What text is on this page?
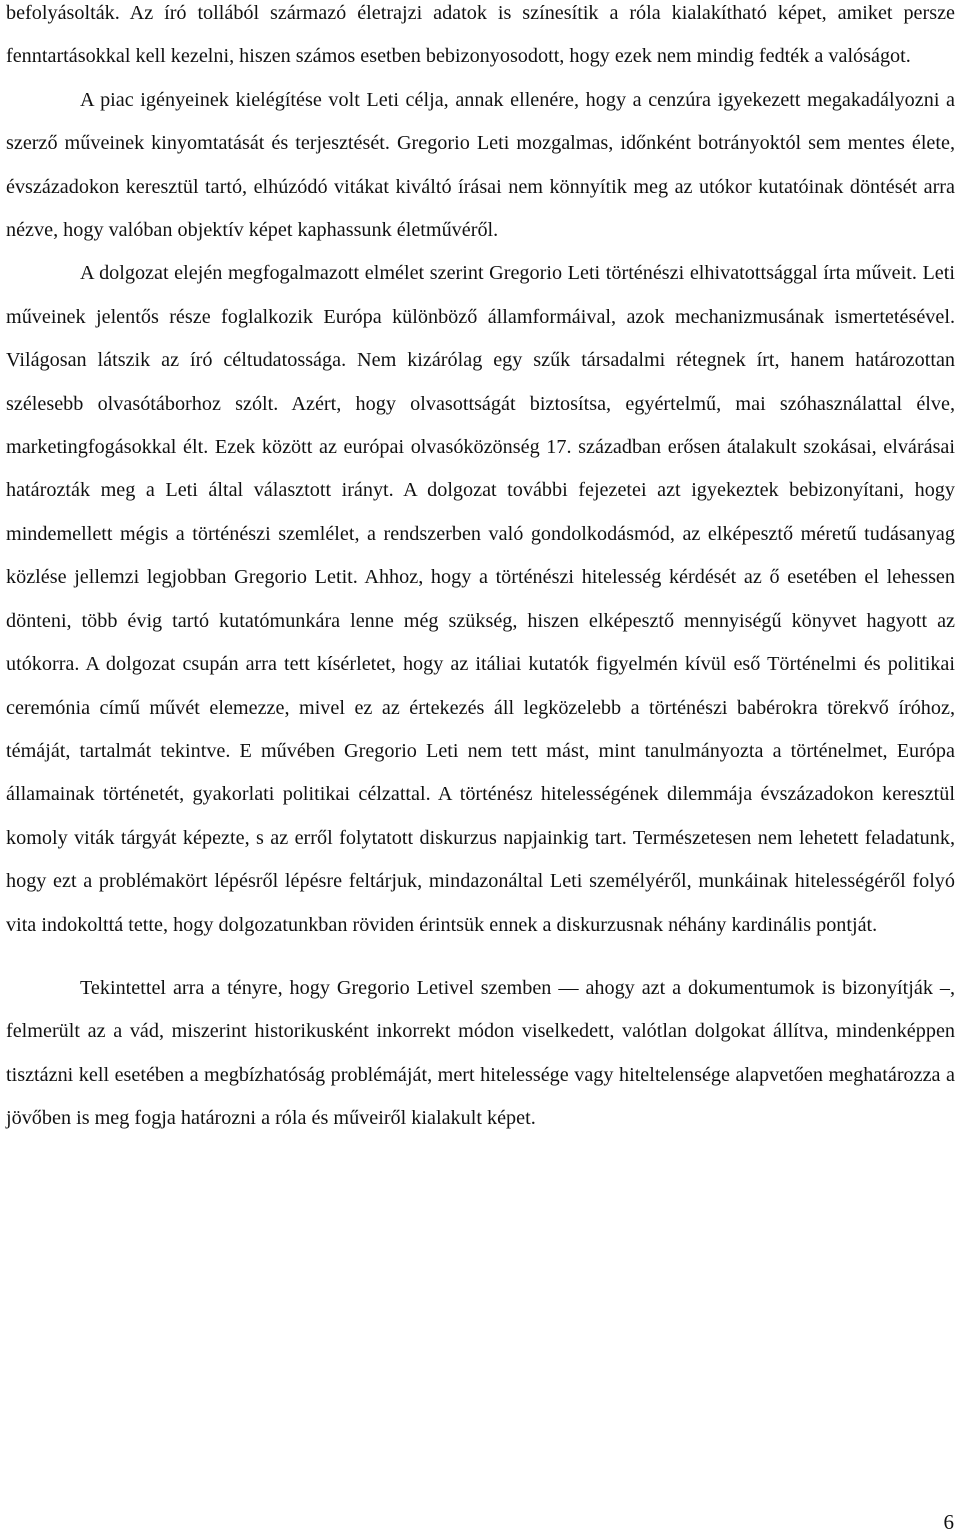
befolyásolták. Az író tollából származó életrajzi adatok is színesítik a róla kialakítható képet, amiket persze fenntartásokkal kell kezelni, hiszen számos esetben bebizonyosodott, hogy ezek nem mindig fedték a valóságot.

A piac igényeinek kielégítése volt Leti célja, annak ellenére, hogy a cenzúra igyekezett megakadályozni a szerző műveinek kinyomtatását és terjesztését. Gregorio Leti mozgalmas, időnként botrányoktól sem mentes élete, évszázadokon keresztül tartó, elhúzódó vitákat kiváltó írásai nem könnyítik meg az utókor kutatóinak döntését arra nézve, hogy valóban objektív képet kaphassunk életművéről.

A dolgozat elején megfogalmazott elmélet szerint Gregorio Leti történészi elhivatottsággal írta műveit. Leti műveinek jelentős része foglalkozik Európa különböző államformáival, azok mechanizmusának ismertetésével. Világosan látszik az író céltudatossága. Nem kizárólag egy szűk társadalmi rétegnek írt, hanem határozottan szélesebb olvasótáborhoz szólt. Azért, hogy olvasottságát biztosítsa, egyértelmű, mai szóhasználattal élve, marketingfogásokkal élt. Ezek között az európai olvasóközönség 17. században erősen átalakult szokásai, elvárásai határozták meg a Leti által választott irányt. A dolgozat további fejezetei azt igyekeztek bebizonyítani, hogy mindemellett mégis a történészi szemlélet, a rendszerben való gondolkodásmód, az elképesztő méretű tudásanyag közlése jellemzi legjobban Gregorio Letit. Ahhoz, hogy a történészi hitelesség kérdését az ő esetében el lehessen dönteni, több évig tartó kutatómunkára lenne még szükség, hiszen elképesztő mennyiségű könyvet hagyott az utókorra. A dolgozat csupán arra tett kísérletet, hogy az itáliai kutatók figyelmén kívül eső Történelmi és politikai ceremónia című művét elemezze, mivel ez az értekezés áll legközelebb a történészi babérokra törekvő íróhoz, témáját, tartalmát tekintve. E művében Gregorio Leti nem tett mást, mint tanulmányozta a történelmet, Európa államainak történetét, gyakorlati politikai célzattal. A történész hitelességének dilemmája évszázadokon keresztül komoly viták tárgyát képezte, s az erről folytatott diskurzus napjainkig tart. Természetesen nem lehetett feladatunk, hogy ezt a problémakört lépésről lépésre feltárjuk, mindazonáltal Leti személyéről, munkáinak hitelességéről folyó vita indokolttá tette, hogy dolgozatunkban röviden érintsük ennek a diskurzusnak néhány kardinális pontját.

Tekintettel arra a tényre, hogy Gregorio Letivel szemben — ahogy azt a dokumentumok is bizonyítják –, felmerült az a vád, miszerint historikusként inkorrekt módon viselkedett, valótlan dolgokat állítva, mindenképpen tisztázni kell esetében a megbízhatóság problémáját, mert hitelessége vagy hiteltelensége alapvetően meghatározza a jövőben is meg fogja határozni a róla és műveiről kialakult képet.

6
